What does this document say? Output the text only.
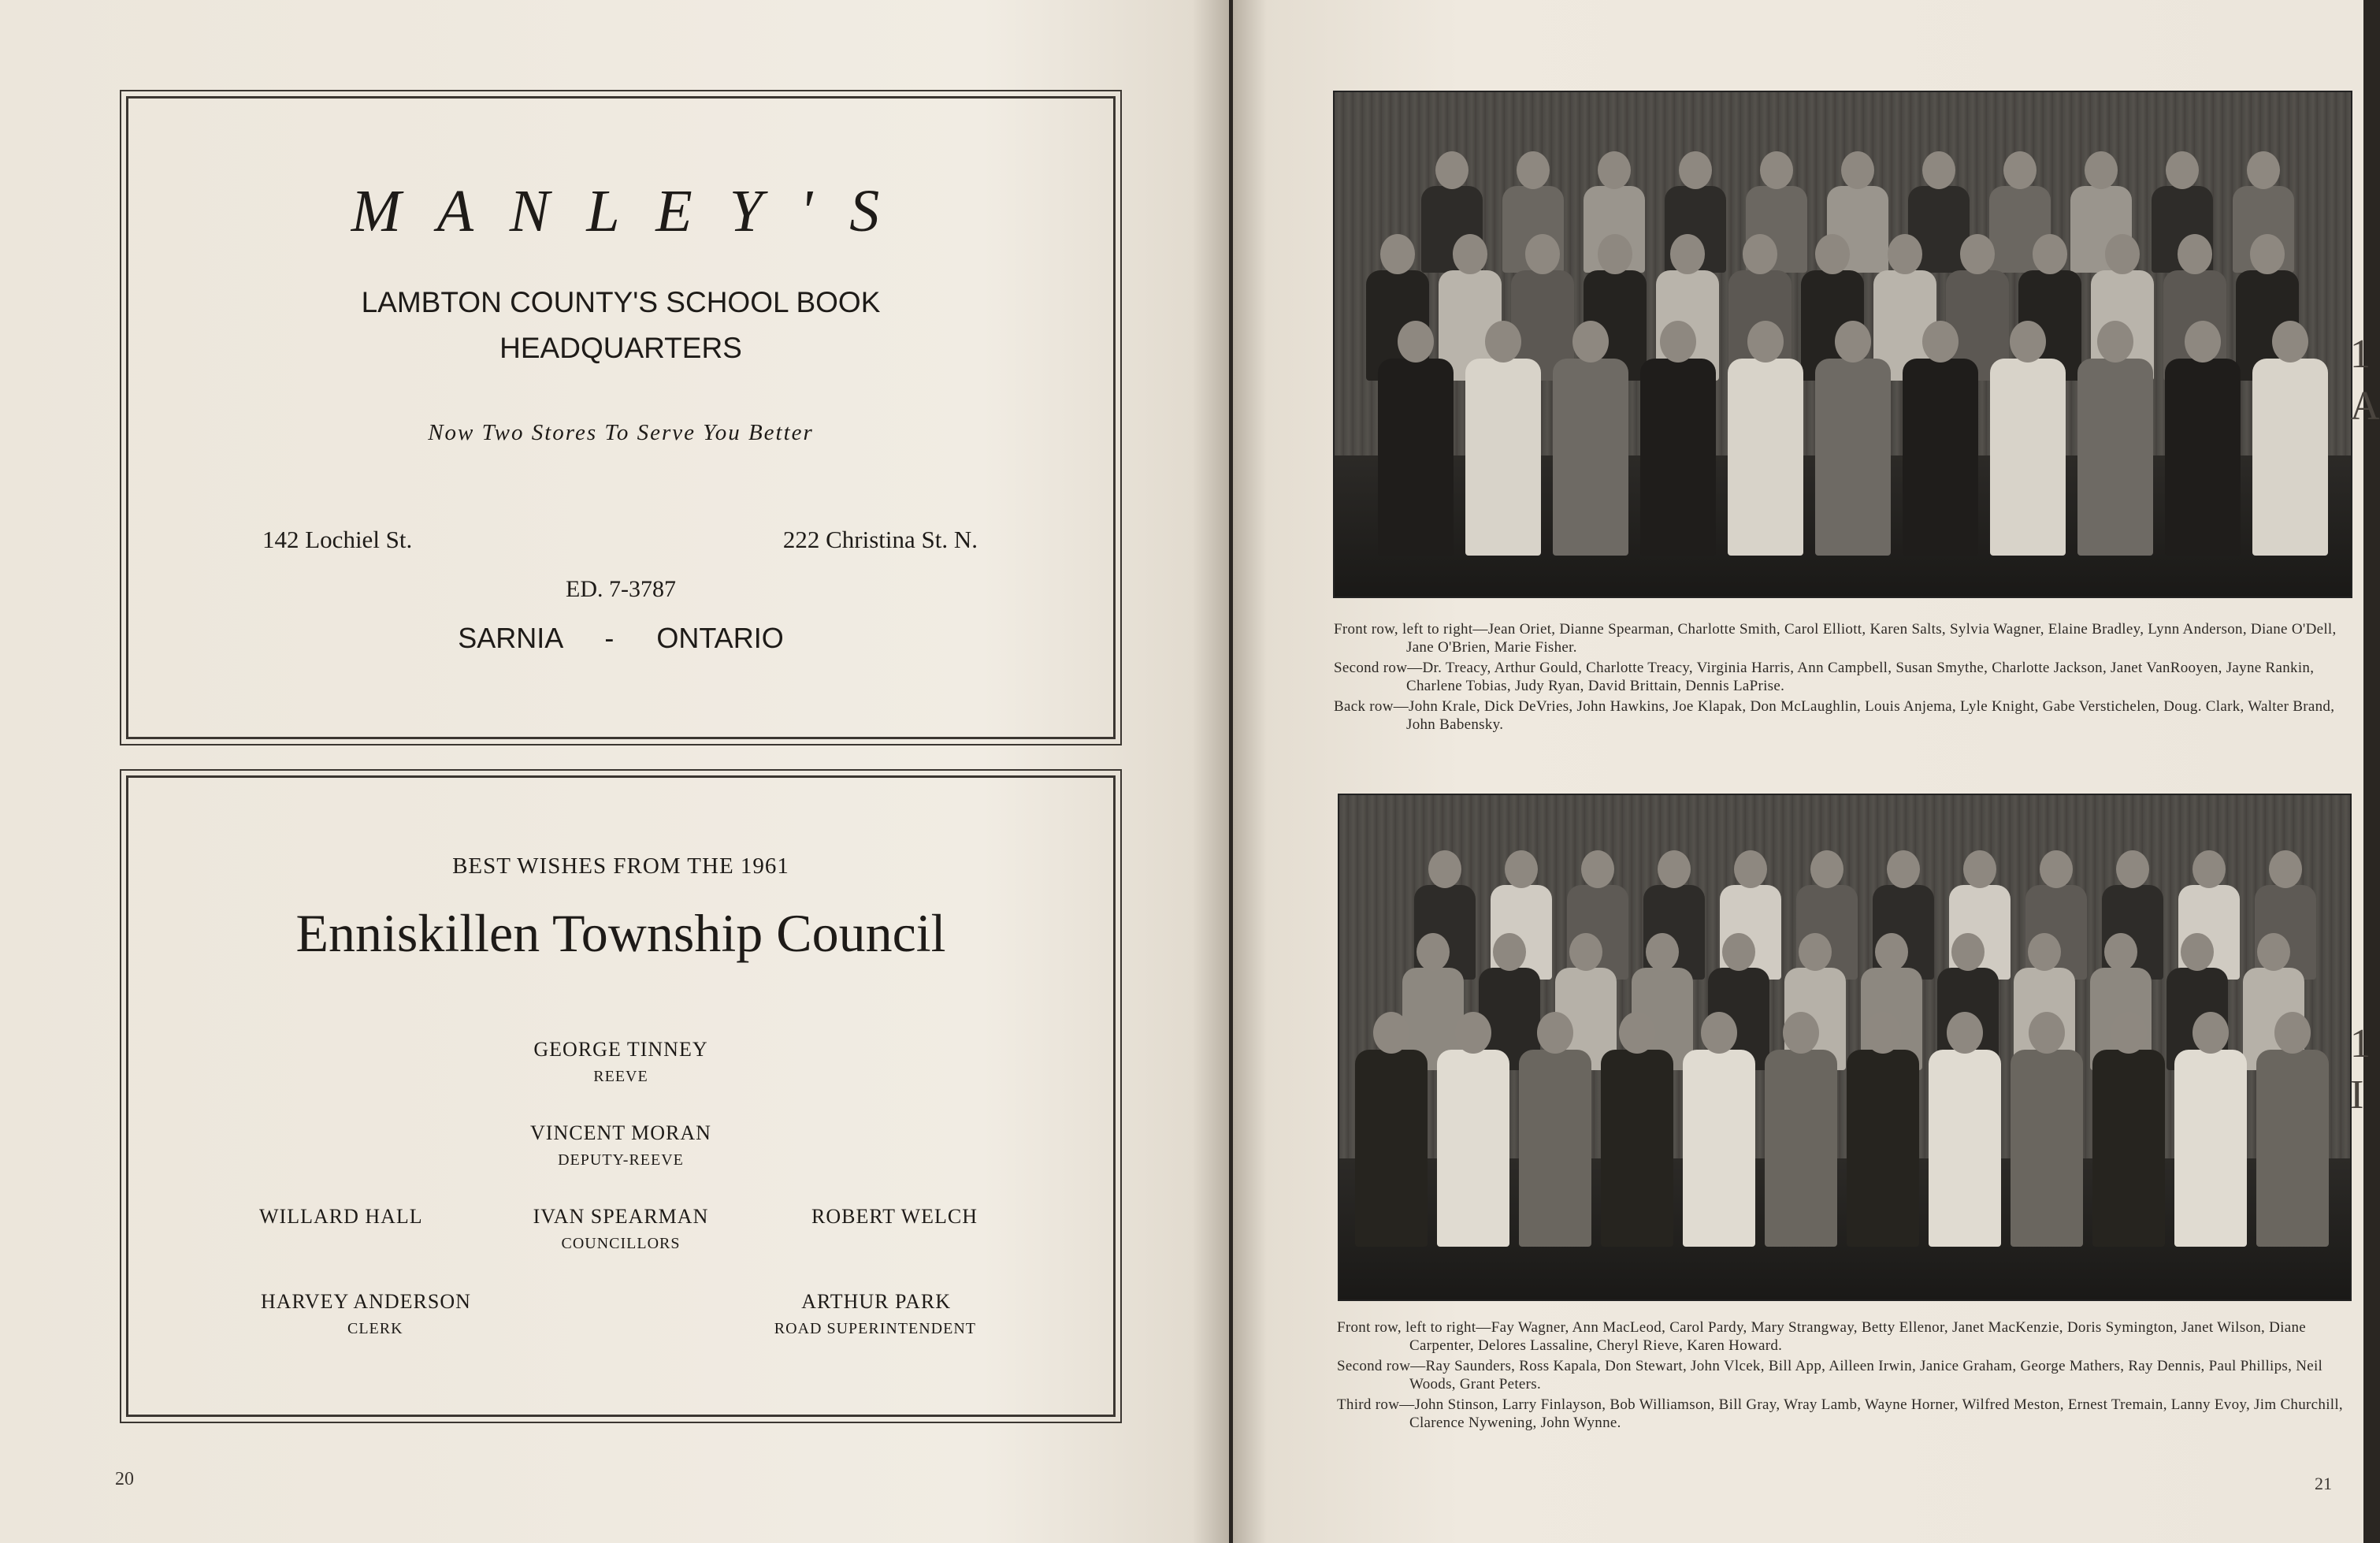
M A N L E Y ' S
LAMBTON COUNTY'S SCHOOL BOOK
HEADQUARTERS
Now Two Stores To Serve You Better
142 Lochiel St.	222 Christina St. N.
ED. 7-3787
SARNIA - ONTARIO
BEST WISHES FROM THE 1961
Enniskillen Township Council
GEORGE TINNEY
REEVE
VINCENT MORAN
DEPUTY-REEVE
WILLARD HALL	IVAN SPEARMAN	ROBERT WELCH
COUNCILLORS
HARVEY ANDERSON
CLERK
ARTHUR PARK
ROAD SUPERINTENDENT
20

Front row, left to right—Jean Oriet, Dianne Spearman, Charlotte Smith, Carol Elliott, Karen Salts, Sylvia Wagner, Elaine Bradley, Lynn Anderson, Diane O'Dell, Jane O'Brien, Marie Fisher.

Second row—Dr. Treacy, Arthur Gould, Charlotte Treacy, Virginia Harris, Ann Campbell, Susan Smythe, Charlotte Jackson, Janet VanRooyen, Jayne Rankin, Charlene Tobias, Judy Ryan, David Brittain, Dennis LaPrise.

Back row—John Krale, Dick DeVries, John Hawkins, Joe Klapak, Don McLaughlin, Louis Anjema, Lyle Knight, Gabe Verstichelen, Doug. Clark, Walter Brand, John Babensky.

Front row, left to right—Fay Wagner, Ann MacLeod, Carol Pardy, Mary Strangway, Betty Ellenor, Janet MacKenzie, Doris Symington, Janet Wilson, Diane Carpenter, Delores Lassaline, Cheryl Rieve, Karen Howard.

Second row—Ray Saunders, Ross Kapala, Don Stewart, John Vlcek, Bill App, Ailleen Irwin, Janice Graham, George Mathers, Ray Dennis, Paul Phillips, Neil Woods, Grant Peters.

Third row—John Stinson, Larry Finlayson, Bob Williamson, Bill Gray, Wray Lamb, Wayne Horner, Wilfred Meston, Ernest Tremain, Lanny Evoy, Jim Churchill, Clarence Nywening, John Wynne.

1
A
1
I
21
